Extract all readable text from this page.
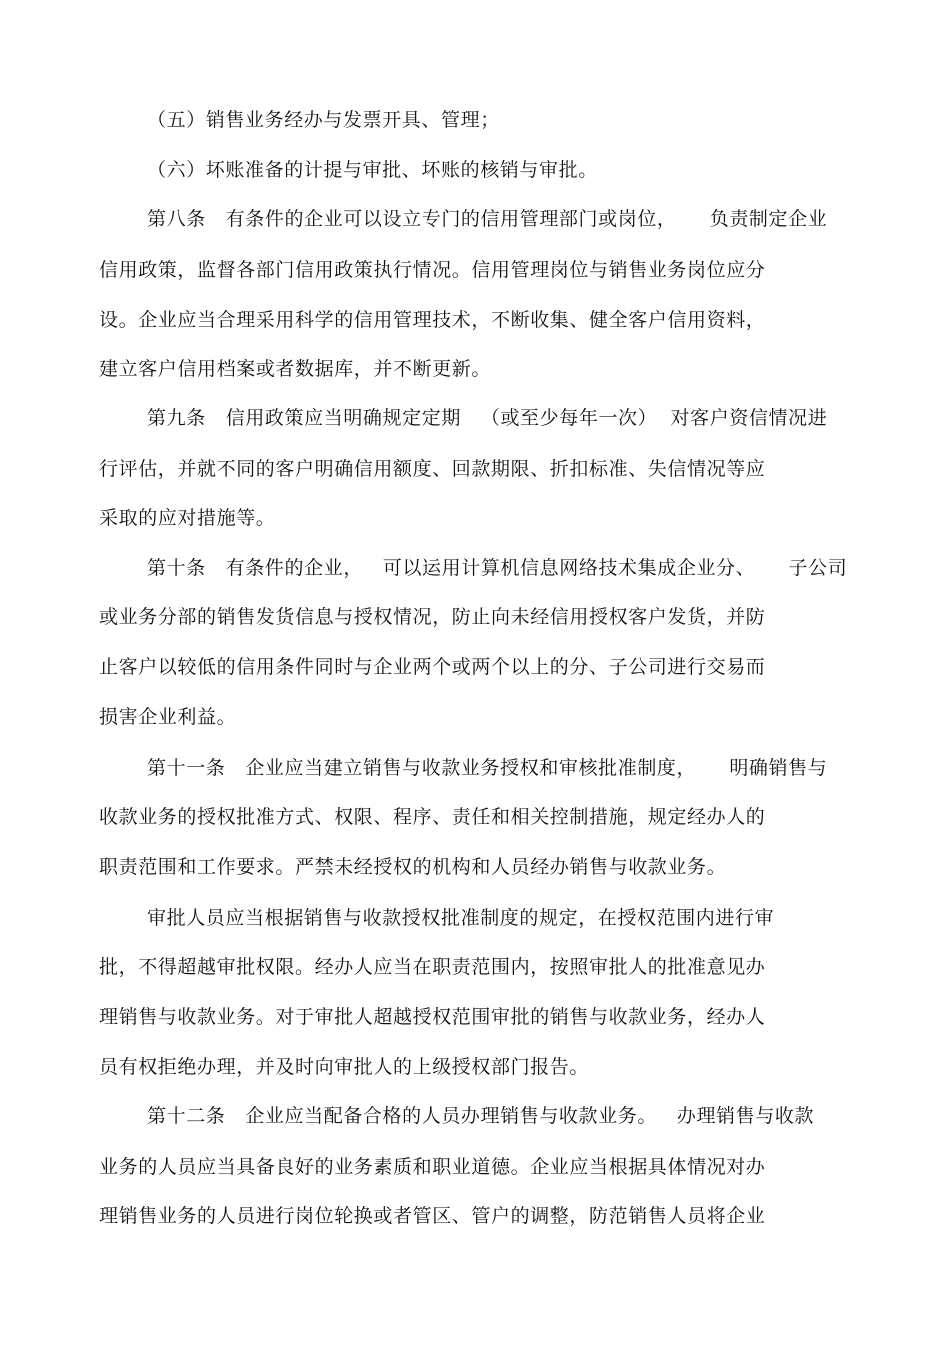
（五）销售业务经办与发票开具、管理；
（六）坏账准备的计提与审批、坏账的核销与审批。
第八条   有条件的企业可以设立专门的信用管理部门或岗位，     负责制定企业
信用政策，监督各部门信用政策执行情况。信用管理岗位与销售业务岗位应分
设。企业应当合理采用科学的信用管理技术，不断收集、健全客户信用资料，
建立客户信用档案或者数据库，并不断更新。
第九条   信用政策应当明确规定定期   （或至少每年一次）  对客户资信情况进
行评估，并就不同的客户明确信用额度、回款期限、折扣标准、失信情况等应
采取的应对措施等。
第十条   有条件的企业，   可以运用计算机信息网络技术集成企业分、     子公司
或业务分部的销售发货信息与授权情况，防止向未经信用授权客户发货，并防
止客户以较低的信用条件同时与企业两个或两个以上的分、子公司进行交易而
损害企业利益。
第十一条   企业应当建立销售与收款业务授权和审核批准制度，     明确销售与
收款业务的授权批准方式、权限、程序、责任和相关控制措施，规定经办人的
职责范围和工作要求。严禁未经授权的机构和人员经办销售与收款业务。
审批人员应当根据销售与收款授权批准制度的规定，在授权范围内进行审
批，不得超越审批权限。经办人应当在职责范围内，按照审批人的批准意见办
理销售与收款业务。对于审批人超越授权范围审批的销售与收款业务，经办人
员有权拒绝办理，并及时向审批人的上级授权部门报告。
第十二条   企业应当配备合格的人员办理销售与收款业务。   办理销售与收款
业务的人员应当具备良好的业务素质和职业道德。企业应当根据具体情况对办
理销售业务的人员进行岗位轮换或者管区、管户的调整，防范销售人员将企业
